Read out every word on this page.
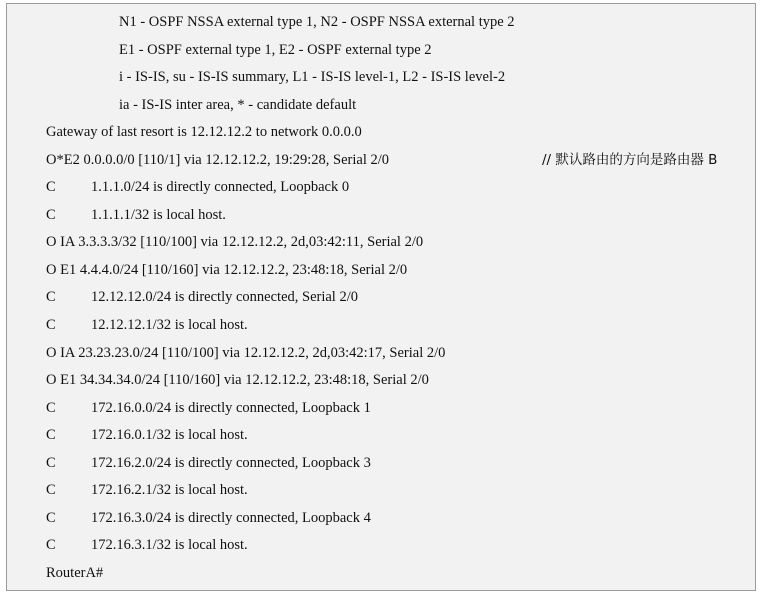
N1 - OSPF NSSA external type 1, N2 - OSPF NSSA external type 2
E1 - OSPF external type 1, E2 - OSPF external type 2
i - IS-IS, su - IS-IS summary, L1 - IS-IS level-1, L2 - IS-IS level-2
ia - IS-IS inter area, * - candidate default
Gateway of last resort is 12.12.12.2 to network 0.0.0.0
O*E2 0.0.0.0/0 [110/1] via 12.12.12.2, 19:29:28, Serial 2/0	// 默认路由的方向是路由器 B
C 1.1.1.0/24 is directly connected, Loopback 0
C 1.1.1.1/32 is local host.
O IA 3.3.3.3/32 [110/100] via 12.12.12.2, 2d,03:42:11, Serial 2/0
O E1 4.4.4.0/24 [110/160] via 12.12.12.2, 23:48:18, Serial 2/0
C 12.12.12.0/24 is directly connected, Serial 2/0
C 12.12.12.1/32 is local host.
O IA 23.23.23.0/24 [110/100] via 12.12.12.2, 2d,03:42:17, Serial 2/0
O E1 34.34.34.0/24 [110/160] via 12.12.12.2, 23:48:18, Serial 2/0
C 172.16.0.0/24 is directly connected, Loopback 1
C 172.16.0.1/32 is local host.
C 172.16.2.0/24 is directly connected, Loopback 3
C 172.16.2.1/32 is local host.
C 172.16.3.0/24 is directly connected, Loopback 4
C 172.16.3.1/32 is local host.
RouterA#
